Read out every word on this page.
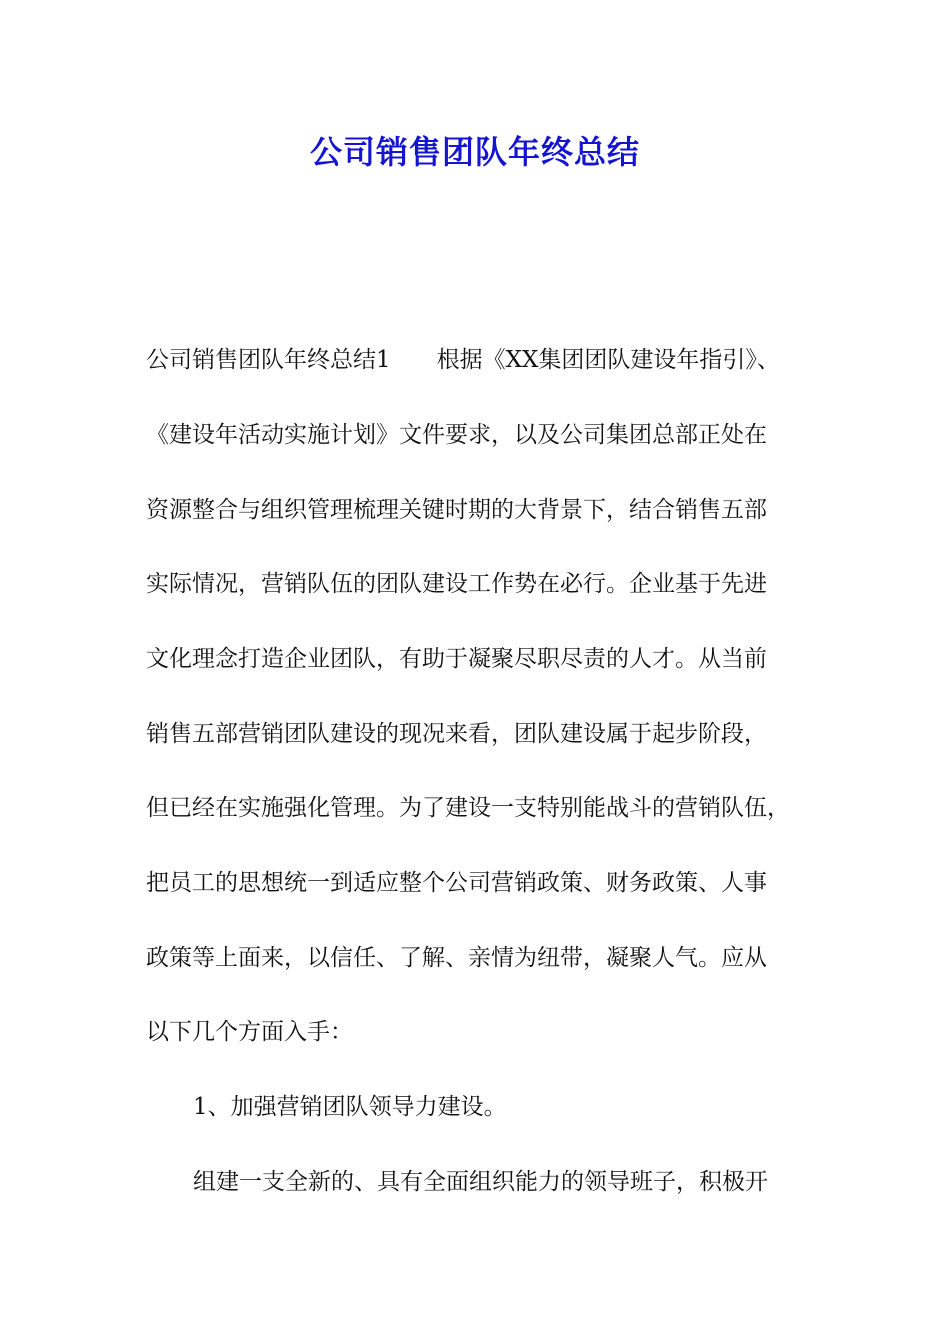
公司销售团队年终总结

公司销售团队年终总结1 根据《XX集团团队建设年指引》、

《建设年活动实施计划》文件要求，以及公司集团总部正处在

资源整合与组织管理梳理关键时期的大背景下，结合销售五部

实际情况，营销队伍的团队建设工作势在必行。企业基于先进

文化理念打造企业团队，有助于凝聚尽职尽责的人才。从当前

销售五部营销团队建设的现况来看，团队建设属于起步阶段，

但已经在实施强化管理。为了建设一支特别能战斗的营销队伍，

把员工的思想统一到适应整个公司营销政策、财务政策、人事

政策等上面来，以信任、了解、亲情为纽带，凝聚人气。应从

以下几个方面入手：

1、加强营销团队领导力建设。

组建一支全新的、具有全面组织能力的领导班子，积极开
